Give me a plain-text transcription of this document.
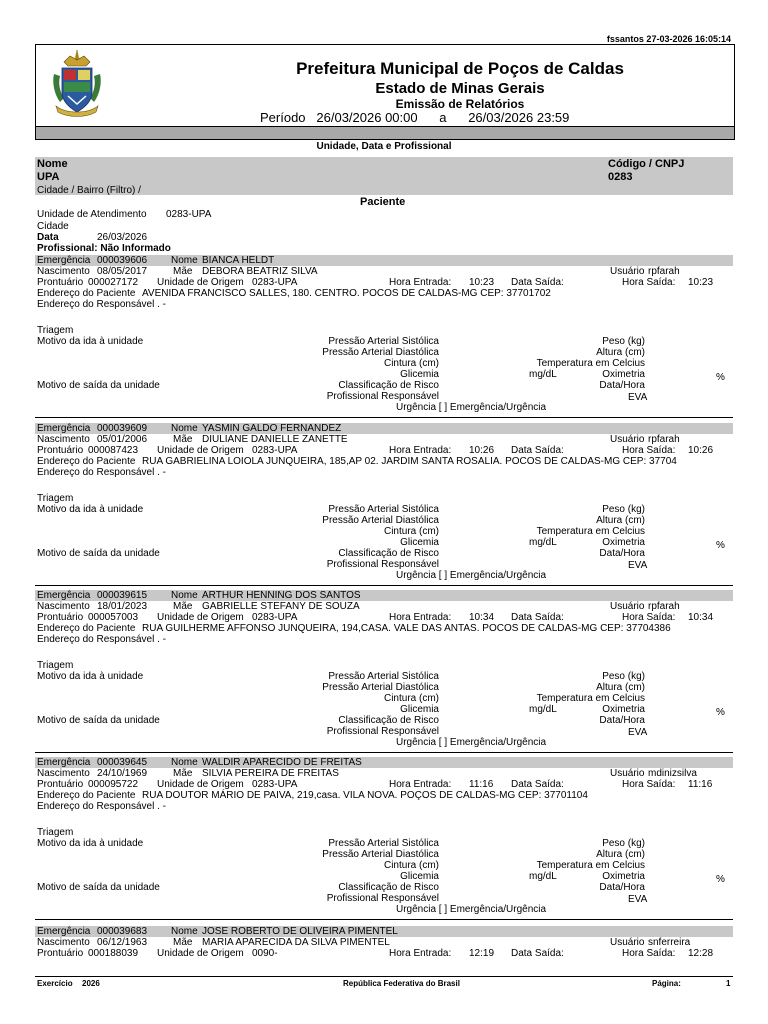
fssantos 27-03-2026 16:05:14
Prefeitura Municipal de Poços de Caldas
Estado de Minas Gerais
Emissão de Relatórios
Período 26/03/2026 00:00 a 26/03/2026 23:59
Unidade, Data e Profissional
Nome
UPA
Cidade / Bairro (Filtro) /
Código / CNPJ
0283
Paciente
Unidade de Atendimento 0283-UPA
Cidade
Data	26/03/2026
Profissional: Não Informado
Emergência 000039606 Nome BIANCA HELDT
Nascimento 08/05/2017	Mãe DEBORA BEATRIZ SILVA	Usuário rpfarah
Prontuário 000027172 Unidade de Origem 0283-UPA	Hora Entrada: 10:23 Data Saída:	Hora Saída: 10:23
Endereço do Paciente AVENIDA FRANCISCO SALLES, 180. CENTRO. POCOS DE CALDAS-MG CEP: 37701702
Endereço do Responsável . -
Triagem
Motivo da ida à unidade	Pressão Arterial Sistólica
Pressão Arterial Diastólica
Cintura (cm)
Glicemia
Motivo de saída da unidade	Classificação de Risco
Profissional Responsável
Urgência [ ] Emergência/Urgência
Peso (kg)
Altura (cm)
Temperatura em Celcius
mg/dL	Oximetria	%
Data/Hora
EVA
Emergência 000039609 Nome YASMIN GALDO FERNANDEZ
Nascimento 05/01/2006	Mãe DIULIANE DANIELLE ZANETTE	Usuário rpfarah
Prontuário 000087423 Unidade de Origem 0283-UPA	Hora Entrada: 10:26 Data Saída:	Hora Saída: 10:26
Endereço do Paciente RUA GABRIELINA LOIOLA JUNQUEIRA, 185,AP 02. JARDIM SANTA ROSALIA. POCOS DE CALDAS-MG CEP: 37704
Endereço do Responsável . -
Triagem
Motivo da ida à unidade	Pressão Arterial Sistólica
Pressão Arterial Diastólica
Cintura (cm)
Glicemia
Motivo de saída da unidade	Classificação de Risco
Profissional Responsável
Urgência [ ] Emergência/Urgência
Peso (kg)
Altura (cm)
Temperatura em Celcius
mg/dL	Oximetria	%
Data/Hora
EVA
Emergência 000039615 Nome ARTHUR HENNING DOS SANTOS
Nascimento 18/01/2023	Mãe GABRIELLE STEFANY DE SOUZA	Usuário rpfarah
Prontuário 000057003 Unidade de Origem 0283-UPA	Hora Entrada: 10:34 Data Saída:	Hora Saída: 10:34
Endereço do Paciente RUA GUILHERME AFFONSO JUNQUEIRA, 194,CASA. VALE DAS ANTAS. POCOS DE CALDAS-MG CEP: 37704386
Endereço do Responsável . -
Triagem
Motivo da ida à unidade	Pressão Arterial Sistólica
Pressão Arterial Diastólica
Cintura (cm)
Glicemia
Motivo de saída da unidade	Classificação de Risco
Profissional Responsável
Urgência [ ] Emergência/Urgência
Peso (kg)
Altura (cm)
Temperatura em Celcius
mg/dL	Oximetria	%
Data/Hora
EVA
Emergência 000039645 Nome WALDIR APARECIDO DE FREITAS
Nascimento 24/10/1969	Mãe SILVIA PEREIRA DE FREITAS	Usuário mdinizsilva
Prontuário 000095722 Unidade de Origem 0283-UPA	Hora Entrada: 11:16 Data Saída:	Hora Saída: 11:16
Endereço do Paciente RUA DOUTOR MÁRIO DE PAIVA, 219,casa. VILA NOVA. POÇOS DE CALDAS-MG CEP: 37701104
Endereço do Responsável . -
Triagem
Motivo da ida à unidade	Pressão Arterial Sistólica
Pressão Arterial Diastólica
Cintura (cm)
Glicemia
Motivo de saída da unidade	Classificação de Risco
Profissional Responsável
Urgência [ ] Emergência/Urgência
Peso (kg)
Altura (cm)
Temperatura em Celcius
mg/dL	Oximetria	%
Data/Hora
EVA
Emergência 000039683 Nome JOSE ROBERTO DE OLIVEIRA PIMENTEL
Nascimento 06/12/1963	Mãe MARIA APARECIDA DA SILVA PIMENTEL	Usuário snferreira
Prontuário 000188039 Unidade de Origem 0090-	Hora Entrada: 12:19 Data Saída:	Hora Saída: 12:28
Exercício 2026	República Federativa do Brasil	Página:	1
